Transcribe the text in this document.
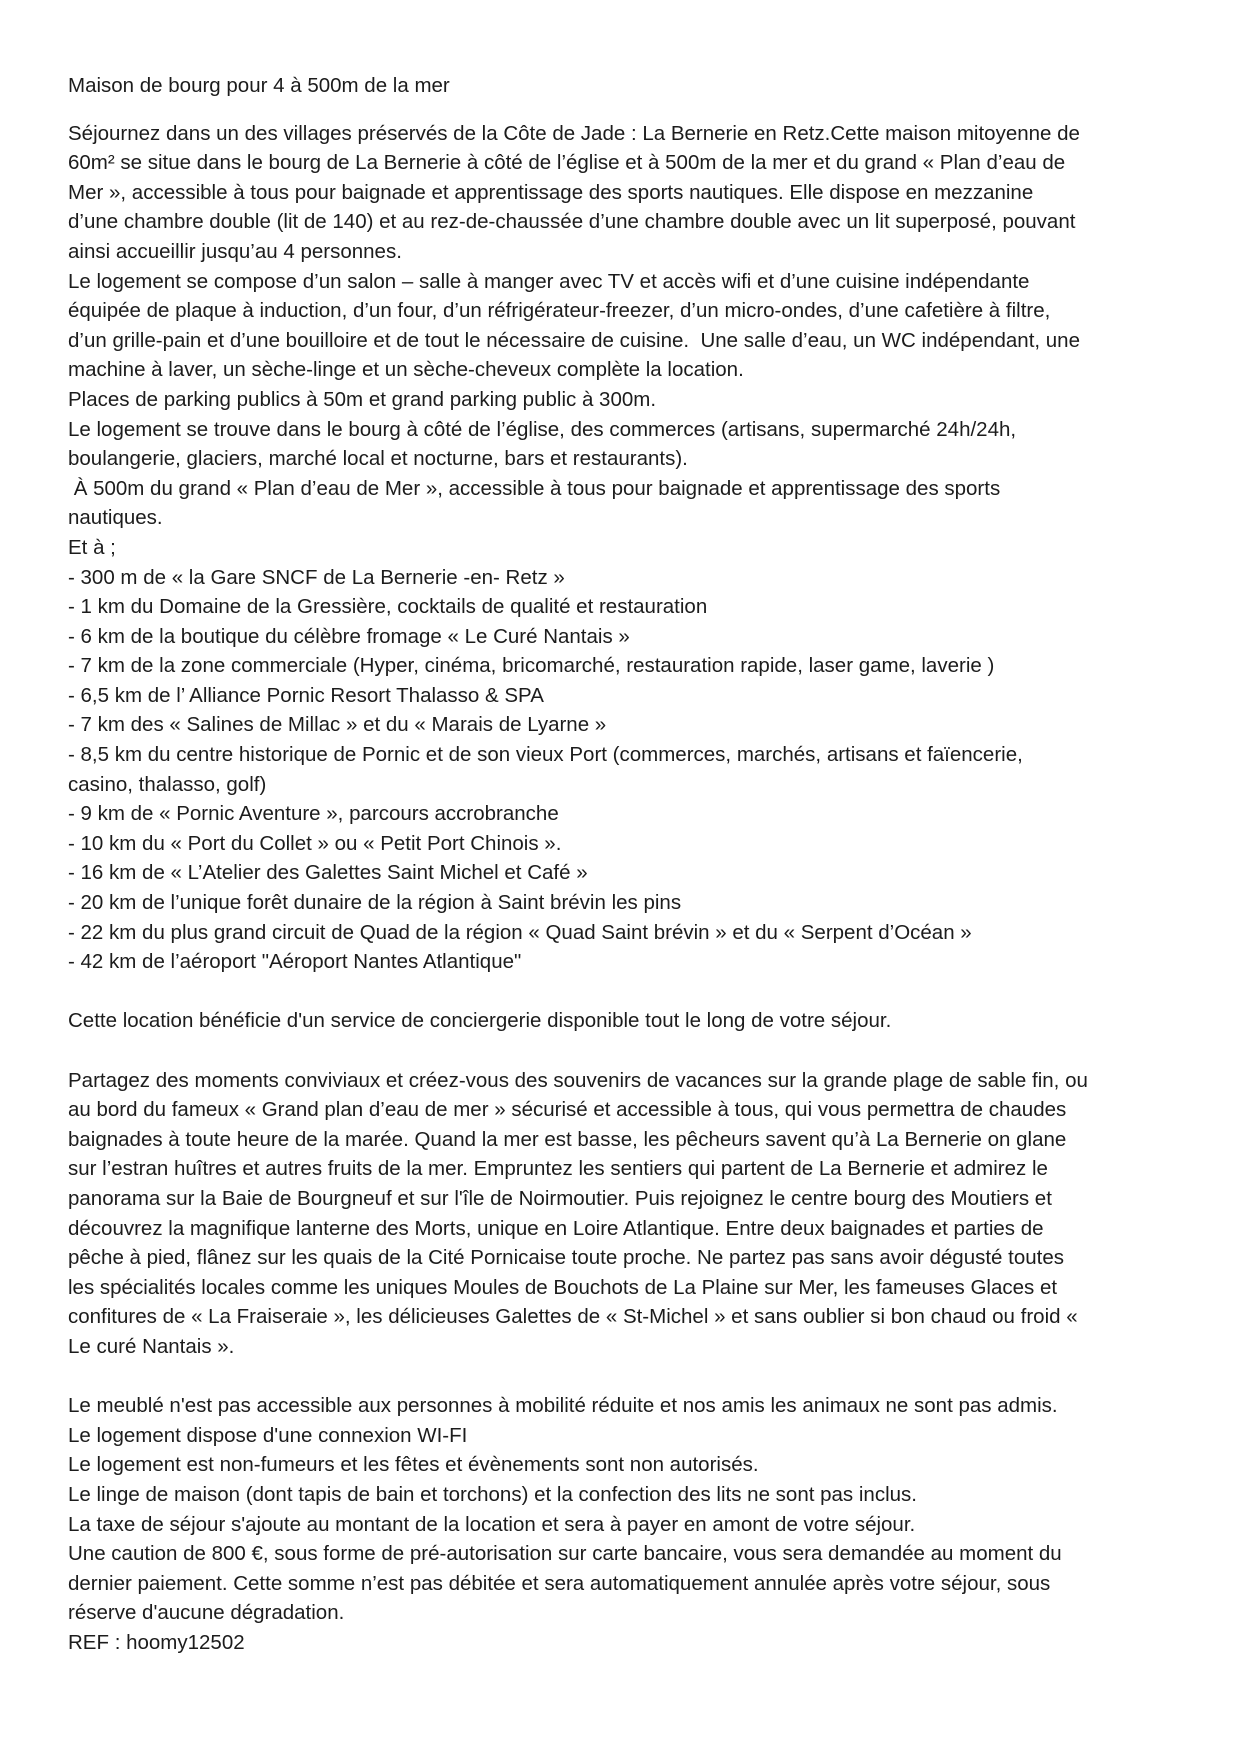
Maison de bourg pour 4 à 500m de la mer
Séjournez dans un des villages préservés de la Côte de Jade : La Bernerie en Retz.Cette maison mitoyenne de
60m² se situe dans le bourg de La Bernerie à côté de l’église et à 500m de la mer et du grand « Plan d’eau de
Mer », accessible à tous pour baignade et apprentissage des sports nautiques. Elle dispose en mezzanine
d’une chambre double (lit de 140) et au rez-de-chaussée d’une chambre double avec un lit superposé, pouvant
ainsi accueillir jusqu’au 4 personnes.
Le logement se compose d’un salon – salle à manger avec TV et accès wifi et d’une cuisine indépendante
équipée de plaque à induction, d’un four, d’un réfrigérateur-freezer, d’un micro-ondes, d’une cafetière à filtre,
d’un grille-pain et d’une bouilloire et de tout le nécessaire de cuisine.  Une salle d’eau, un WC indépendant, une
machine à laver, un sèche-linge et un sèche-cheveux complète la location.
Places de parking publics à 50m et grand parking public à 300m.
Le logement se trouve dans le bourg à côté de l’église, des commerces (artisans, supermarché 24h/24h,
boulangerie, glaciers, marché local et nocturne, bars et restaurants).
À 500m du grand « Plan d’eau de Mer », accessible à tous pour baignade et apprentissage des sports
nautiques.
Et à ;
- 300 m de « la Gare SNCF de La Bernerie -en- Retz »
- 1 km du Domaine de la Gressière, cocktails de qualité et restauration
- 6 km de la boutique du célèbre fromage « Le Curé Nantais »
- 7 km de la zone commerciale (Hyper, cinéma, bricomarché, restauration rapide, laser game, laverie )
- 6,5 km de l’ Alliance Pornic Resort Thalasso & SPA
- 7 km des « Salines de Millac » et du « Marais de Lyarne »
- 8,5 km du centre historique de Pornic et de son vieux Port (commerces, marchés, artisans et faïencerie,
casino, thalasso, golf)
- 9 km de « Pornic Aventure », parcours accrobranche
- 10 km du « Port du Collet » ou « Petit Port Chinois ».
- 16 km de « L’Atelier des Galettes Saint Michel et Café »
- 20 km de l’unique forêt dunaire de la région à Saint brévin les pins
- 22 km du plus grand circuit de Quad de la région « Quad Saint brévin » et du « Serpent d’Océan »
- 42 km de l’aéroport "Aéroport Nantes Atlantique"

Cette location bénéficie d'un service de conciergerie disponible tout le long de votre séjour.

Partagez des moments conviviaux et créez-vous des souvenirs de vacances sur la grande plage de sable fin, ou
au bord du fameux « Grand plan d’eau de mer » sécurisé et accessible à tous, qui vous permettra de chaudes
baignades à toute heure de la marée. Quand la mer est basse, les pêcheurs savent qu’à La Bernerie on glane
sur l’estran huîtres et autres fruits de la mer. Empruntez les sentiers qui partent de La Bernerie et admirez le
panorama sur la Baie de Bourgneuf et sur l'île de Noirmoutier. Puis rejoignez le centre bourg des Moutiers et
découvrez la magnifique lanterne des Morts, unique en Loire Atlantique. Entre deux baignades et parties de
pêche à pied, flânez sur les quais de la Cité Pornicaise toute proche. Ne partez pas sans avoir dégusté toutes
les spécialités locales comme les uniques Moules de Bouchots de La Plaine sur Mer, les fameuses Glaces et
confitures de « La Fraiseraie », les délicieuses Galettes de « St-Michel » et sans oublier si bon chaud ou froid «
Le curé Nantais ».

Le meublé n'est pas accessible aux personnes à mobilité réduite et nos amis les animaux ne sont pas admis.
Le logement dispose d'une connexion WI-FI
Le logement est non-fumeurs et les fêtes et évènements sont non autorisés.
Le linge de maison (dont tapis de bain et torchons) et la confection des lits ne sont pas inclus.
La taxe de séjour s'ajoute au montant de la location et sera à payer en amont de votre séjour.
Une caution de 800 €, sous forme de pré-autorisation sur carte bancaire, vous sera demandée au moment du
dernier paiement. Cette somme n’est pas débitée et sera automatiquement annulée après votre séjour, sous
réserve d'aucune dégradation.
REF : hoomy12502
